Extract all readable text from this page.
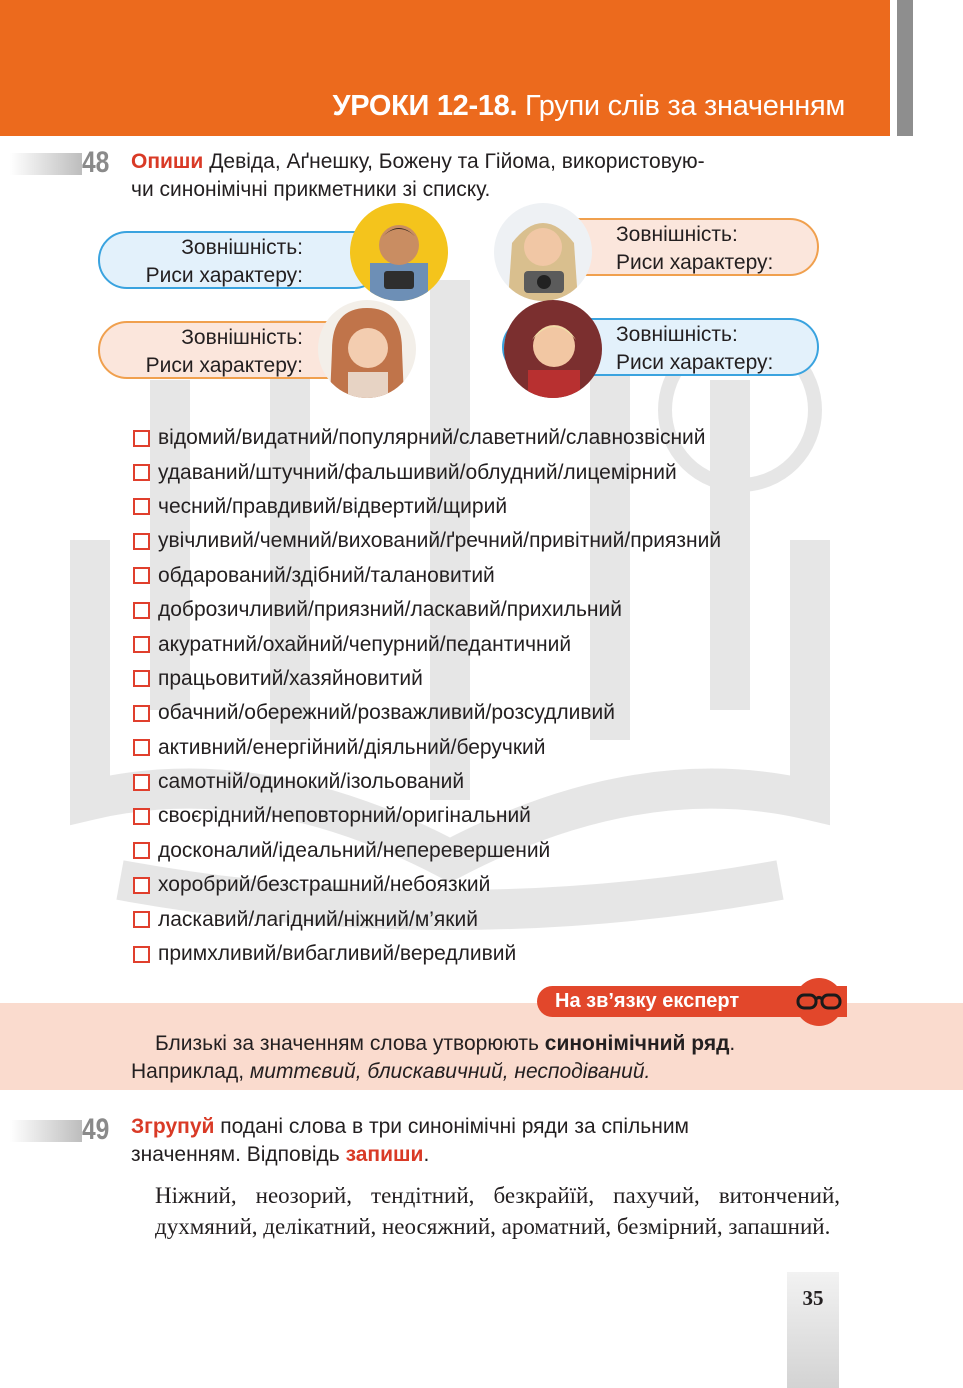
УРОКИ 12-18. Групи слів за значенням
48 Опиши Девіда, Аґнешку, Божену та Гійома, використовую-
чи синонімічні прикметники зі списку.
Зовнішність:
Риси характеру:
Зовнішність:
Риси характеру:
Зовнішність:
Риси характеру:
Зовнішність:
Риси характеру:
відомий/видатний/популярний/славетний/славнозвісний
удаваний/штучний/фальшивий/облудний/лицемірний
чесний/правдивий/відвертий/щирий
увічливий/чемний/вихований/ґречний/привітний/приязний
обдарований/здібний/талановитий
доброзичливий/приязний/ласкавий/прихильний
акуратний/охайний/чепурний/педантичний
працьовитий/хазяйновитий
обачний/обережний/розважливий/розсудливий
активний/енергійний/діяльний/беручкий
самотній/одинокий/ізольований
своєрідний/неповторний/оригінальний
досконалий/ідеальний/неперевершений
хоробрий/безстрашний/небоязкий
ласкавий/лагідний/ніжний/м’який
примхливий/вибагливий/вередливий
На зв’язку експерт
Близькі за значенням слова утворюють синонімічний ряд.
Наприклад, миттєвий, блискавичний, несподіваний.
49 Згрупуй подані слова в три синонімічні ряди за спільним
значенням. Відповідь запиши.
Ніжний, неозорий, тендітний, безкрайїй, пахучий, витончений, духмяний, делікатний, неосяжний, ароматний, безмірний, запашний.
35
